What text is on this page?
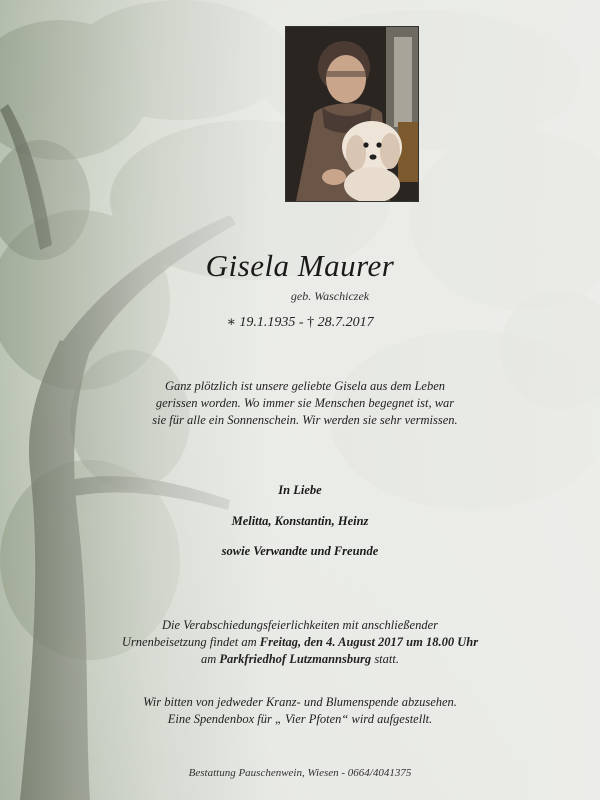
Gisela Maurer
geb. Waschiczek
∗ 19.1.1935 - † 28.7.2017
Ganz plötzlich ist unsere geliebte Gisela aus dem Leben gerissen worden. Wo immer sie Menschen begegnet ist, war sie für alle ein Sonnenschein. Wir werden sie sehr vermissen.
In Liebe
Melitta, Konstantin, Heinz
sowie Verwandte und Freunde
Die Verabschiedungsfeierlichkeiten mit anschließender
Urnenbeisetzung findet am Freitag, den 4. August 2017 um 18.00 Uhr
am Parkfriedhof Lutzmannsburg statt.
Wir bitten von jedweder Kranz- und Blumenspende abzusehen.
Eine Spendenbox für „ Vier Pfoten“ wird aufgestellt.
Bestattung Pauschenwein, Wiesen - 0664/4041375
